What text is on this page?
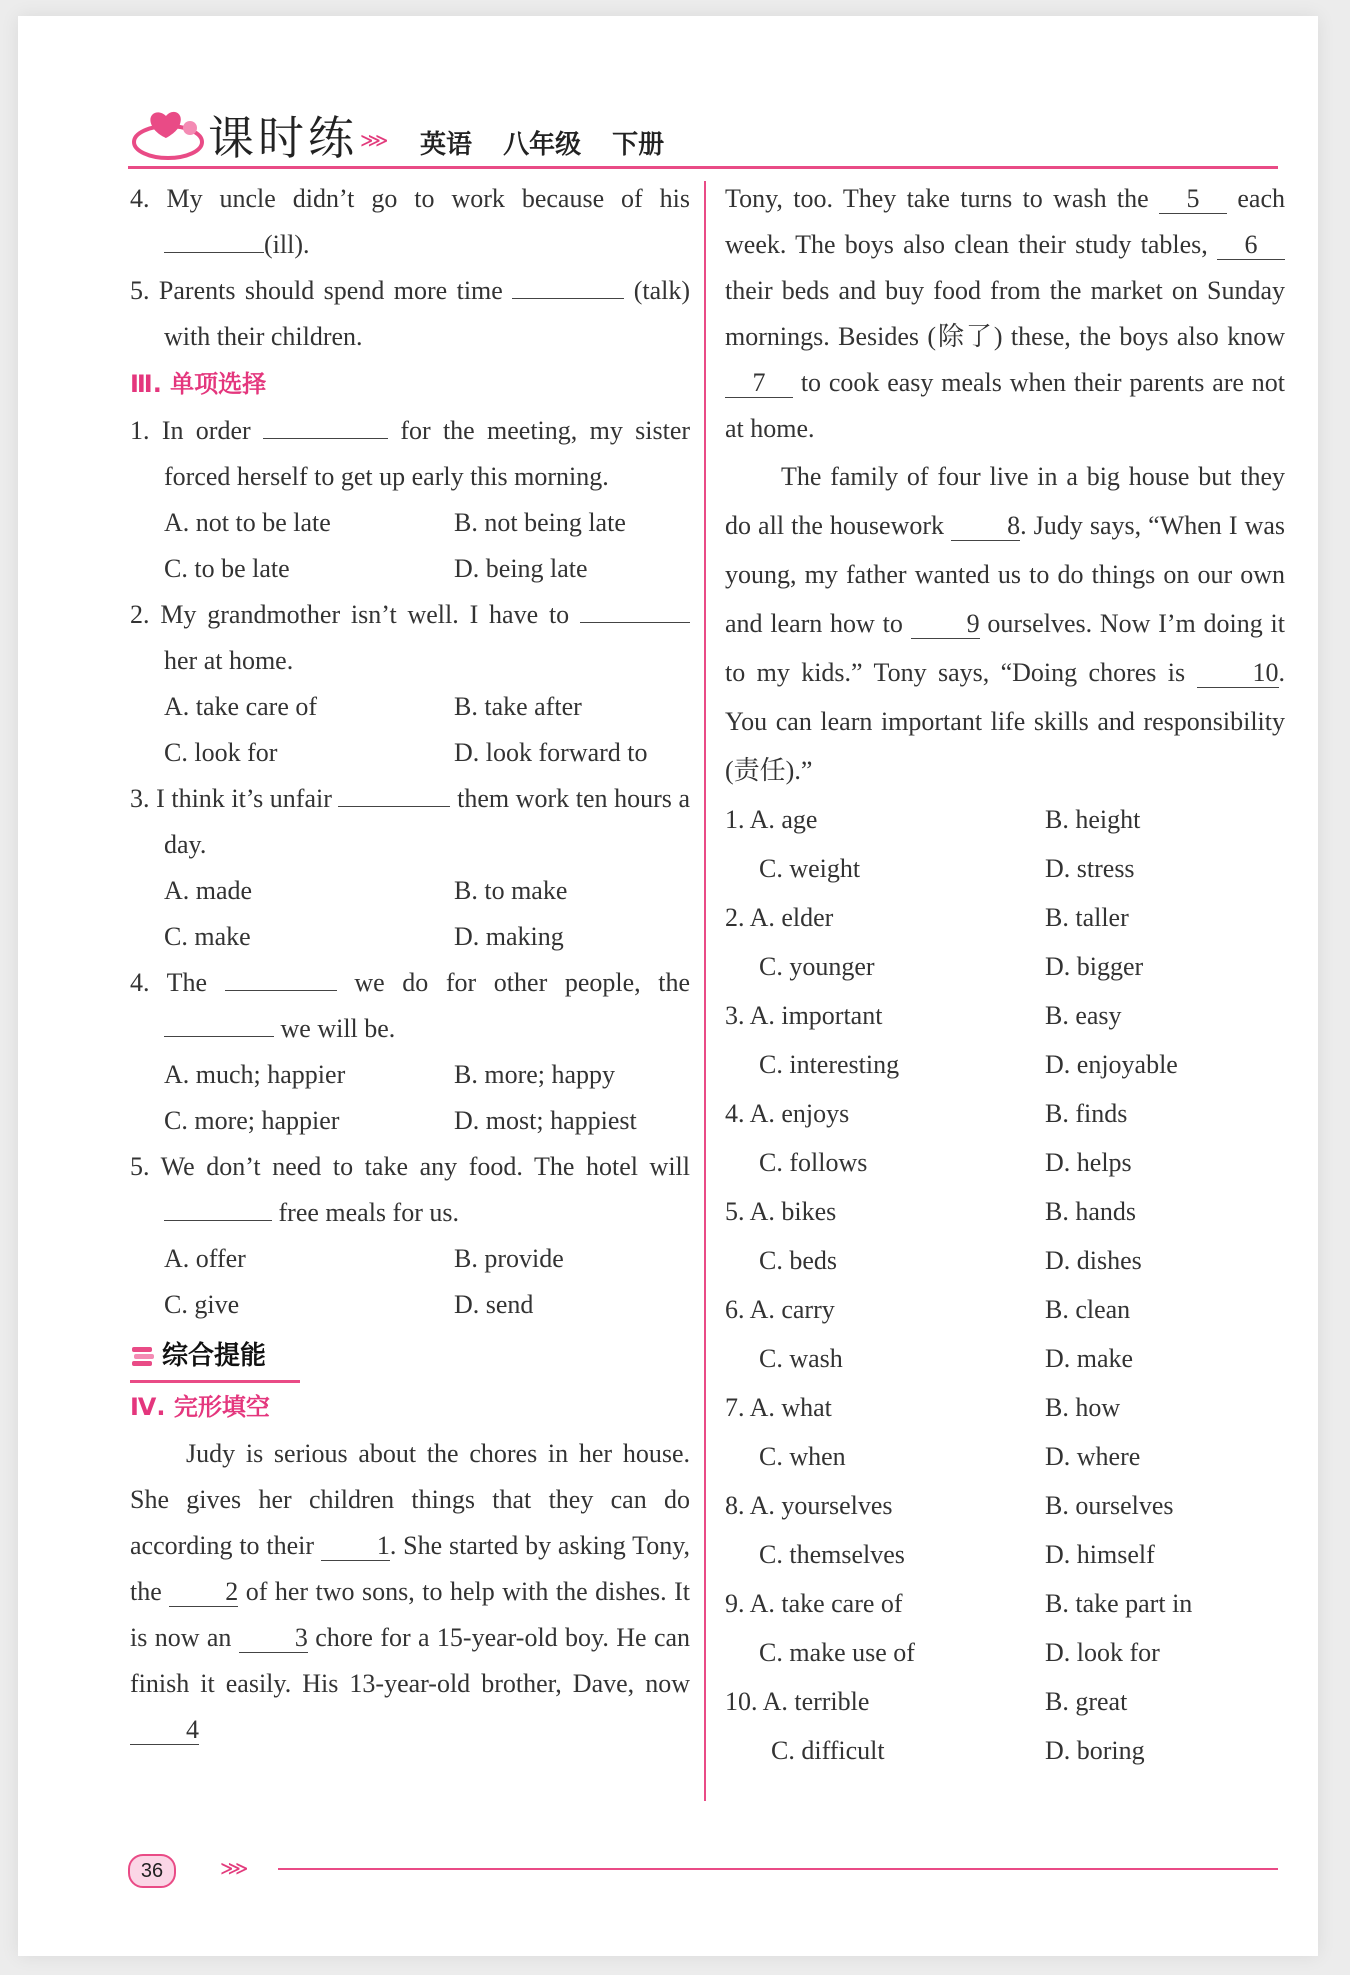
课时练 ⋙ 英语 八年级 下册

4. My uncle didn’t go to work because of his (ill).

5. Parents should spend more time	(talk) with their children.

Ⅲ. 单项选择

1. In order	for the meeting, my sister forced herself to get up early this morning.

A. not to be late	B. not being late
C. to be late	D. being late

2. My grandmother isn’t well. I have to  her at home.

A. take care of	B. take after
C. look for	D. look forward to

3. I think it’s unfair	them work ten hours a day.

A. made	B. to make
C. make	D. making

4. The	we do for other people, the  we will be.

A. much; happier	B. more; happy
C. more; happier	D. most; happiest

5. We don’t need to take any food. The hotel will  free meals for us.

A. offer	B. provide
C. give	D. send
综合提能
Ⅳ. 完形填空

Judy is serious about the chores in her house. She gives her children things that they can do according to their 1. She started by asking Tony, the 2 of her two sons, to help with the dishes. It is now an 3 chore for a 15-year-old boy. He can finish it easily. His 13-year-old brother, Dave, now 4

Tony, too. They take turns to wash the 5 each week. The boys also clean their study tables, 6 their beds and buy food from the market on Sunday mornings. Besides (除了) these, the boys also know 7 to cook easy meals when their parents are not at home.

The family of four live in a big house but they do all the housework 8. Judy says, “When I was young, my father wanted us to do things on our own and learn how to 9 ourselves. Now I’m doing it to my kids.” Tony says, “Doing chores is	10. You can learn important life skills and responsibility (责任).”

1. A. age	B. height
C. weight	D. stress
2. A. elder	B. taller
C. younger	D. bigger
3. A. important	B. easy
C. interesting	D. enjoyable
4. A. enjoys	B. finds
C. follows	D. helps
5. A. bikes	B. hands
C. beds	D. dishes
6. A. carry	B. clean
C. wash	D. make
7. A. what	B. how
C. when	D. where
8. A. yourselves	B. ourselves
C. themselves	D. himself
9. A. take care of	B. take part in
C. make use of	D. look for
10. A. terrible	B. great
C. difficult	D. boring
36	⋙
